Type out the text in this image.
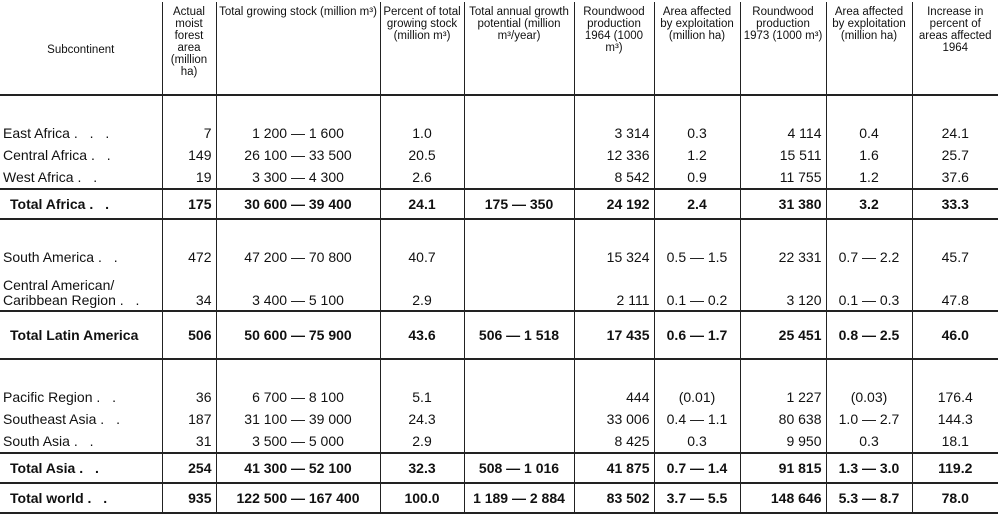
Subcontinent	Actual moist forest area (million ha)	Total growing stock (million m³)	Percent of total growing stock (million m³)	Total annual growth potential (million m³/year)	Roundwood production 1964 (1000 m³)	Area affected by exploitation (million ha)	Roundwood production 1973 (1000 m³)	Area affected by exploitation (million ha)	Increase in percent of areas affected 1964

East Africa . . .	7	1 200 — 1 600	1.0		3 314	0.3	4 114	0.4	24.1
Central Africa . .	149	26 100 — 33 500	20.5		12 336	1.2	15 511	1.6	25.7
West Africa . .	19	3 300 — 4 300	2.6		8 542	0.9	11 755	1.2	37.6
Total Africa . .	175	30 600 — 39 400	24.1	175 — 350	24 192	2.4	31 380	3.2	33.3

South America . .	472	47 200 — 70 800	40.7		15 324	0.5 — 1.5	22 331	0.7 — 2.2	45.7
Central American/ Caribbean Region . .	34	3 400 — 5 100	2.9		2 111	0.1 — 0.2	3 120	0.1 — 0.3	47.8
Total Latin America	506	50 600 — 75 900	43.6	506 — 1 518	17 435	0.6 — 1.7	25 451	0.8 — 2.5	46.0

Pacific Region . .	36	6 700 — 8 100	5.1		444	(0.01)	1 227	(0.03)	176.4
Southeast Asia . .	187	31 100 — 39 000	24.3		33 006	0.4 — 1.1	80 638	1.0 — 2.7	144.3
South Asia . .	31	3 500 — 5 000	2.9		8 425	0.3	9 950	0.3	18.1
Total Asia . .	254	41 300 — 52 100	32.3	508 — 1 016	41 875	0.7 — 1.4	91 815	1.3 — 3.0	119.2
Total world . .	935	122 500 — 167 400	100.0	1 189 — 2 884	83 502	3.7 — 5.5	148 646	5.3 — 8.7	78.0
